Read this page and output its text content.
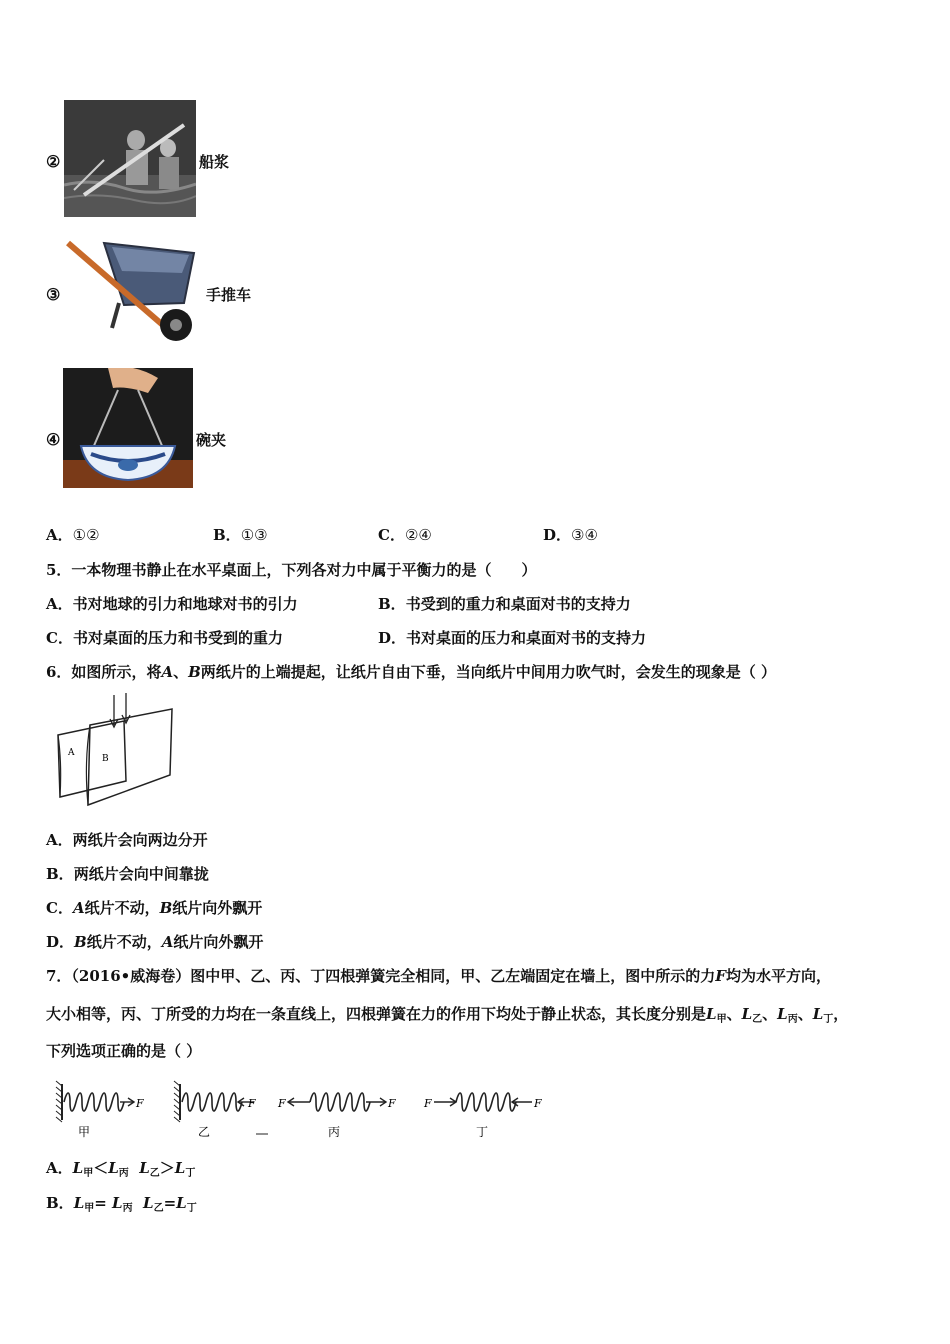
②	船浆
③	手推车
④	碗夹
A．①②	B．①③	C．②④	D．③④
5．一本物理书静止在水平桌面上，下列各对力中属于平衡力的是（　　）
A．书对地球的引力和地球对书的引力	B．书受到的重力和桌面对书的支持力
C．书对桌面的压力和书受到的重力	D．书对桌面的压力和桌面对书的支持力
6．如图所示，将A、B两纸片的上端提起，让纸片自由下垂，当向纸片中间用力吹气时，会发生的现象是（ ）
A
B
A．两纸片会向两边分开
B．两纸片会向中间靠拢
C．A纸片不动，B纸片向外飘开
D．B纸片不动，A纸片向外飘开
7．（2016•威海卷）图中甲、乙、丙、丁四根弹簧完全相同，甲、乙左端固定在墙上，图中所示的力F均为水平方向，
大小相等，丙、丁所受的力均在一条直线上，四根弹簧在力的作用下均处于静止状态，其长度分别是$L_甲$、$L_乙$、$L_丙$、$L_丁$，
下列选项正确的是（ ）
F
甲
F
乙
F	F
丙
F	F
丁
A．$L_甲<L_丙$ $L_乙>L_丁$
B．$L_甲= L_丙$ $L_乙=L_丁$
